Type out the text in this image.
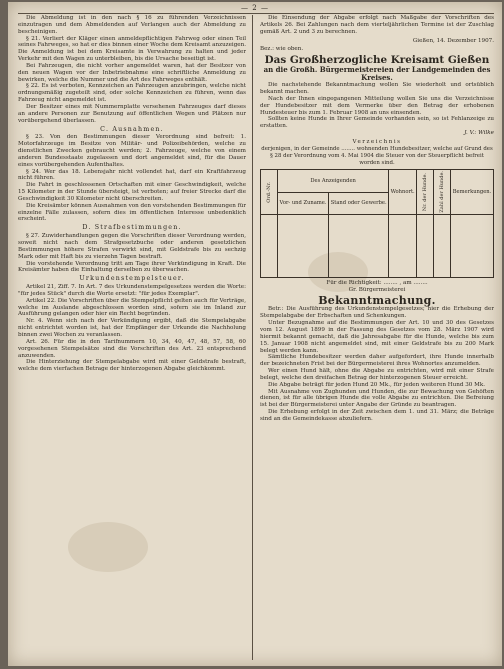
— 2 —

Die Abmeldung ist in den nach § 16 zu führenden Verzeichnissen einzutragen und dem Abmeldenden auf Verlangen auch der Abmeldung zu bescheinigen.

§ 21. Verliert der Kläger einen anmeldepflichtigen Fahrweg oder einen Teil seines Fahrweges, so hat er dies binnen einer Woche dem Kreisamt anzuzeigen. Die Anmeldung ist bei dem Kreisamte in Verwahrung zu halten und jeder Verkehr mit den Wagen zu unterbleiben, bis die Ursache beseitigt ist.

Bei Fahrzeugen, die nicht vorher angemeldet waren, hat der Besitzer von den neuen Wagen vor der Inbetriebnahme eine schriftliche Anmeldung zu bewirken, welche die Nummer und die Art des Fahrweges enthält.

§ 22. Es ist verboten, Kennzeichen an Fahrzeugen anzubringen, welche nicht ordnungsmäßig zugeteilt sind, oder solche Kennzeichen zu führen, wenn das Fahrzeug nicht angemeldet ist.

Der Besitzer eines mit Nummernplatte versehenen Fahrzeuges darf dieses an andere Personen zur Benutzung auf öffentlichen Wegen und Plätzen nur vorübergehend überlassen.

C. Ausnahmen.

§ 23. Von den Bestimmungen dieser Verordnung sind befreit: 1. Motorfahrzeuge im Besitze von Militär- und Polizeibehörden, welche zu dienstlichen Zwecken gebraucht werden; 2. Fahrzeuge, welche von einem anderen Bundesstaate zugelassen und dort angemeldet sind, für die Dauer eines vorübergehenden Aufenthaltes.

§ 24. Wer das 18. Lebensjahr nicht vollendet hat, darf ein Kraftfahrzeug nicht führen.

Die Fahrt in geschlossenen Ortschaften mit einer Geschwindigkeit, welche 15 Kilometer in der Stunde übersteigt, ist verboten; auf freier Strecke darf die Geschwindigkeit 30 Kilometer nicht überschreiten.

Die Kreisämter können Ausnahmen von den vorstehenden Bestimmungen für einzelne Fälle zulassen, sofern dies im öffentlichen Interesse unbedenklich erscheint.

D. Strafbestimmungen.

§ 27. Zuwiderhandlungen gegen die Vorschriften dieser Verordnung werden, soweit nicht nach dem Strafgesetzbuche oder anderen gesetzlichen Bestimmungen höhere Strafen verwirkt sind, mit Geldstrafe bis zu sechzig Mark oder mit Haft bis zu vierzehn Tagen bestraft.

Die vorstehende Verordnung tritt am Tage ihrer Verkündigung in Kraft. Die Kreisämter haben die Einhaltung derselben zu überwachen.

Urkundenstempelsteuer.

Artikel 21, Ziff. 7. In Art. 7 des Urkundenstempelgesetzes werden die Worte: "für jedes Stück" durch die Worte ersetzt: "für jedes Exemplar".

Artikel 22. Die Vorschriften über die Stempelpflicht gelten auch für Verträge, welche im Auslande abgeschlossen worden sind, sofern sie im Inland zur Ausführung gelangen oder hier ein Recht begründen.

Nr. 4. Wenn sich nach der Verkündigung ergibt, daß die Stempelabgabe nicht entrichtet worden ist, hat der Empfänger der Urkunde die Nachholung binnen zwei Wochen zu veranlassen.

Art. 26. Für die in den Tarifnummern 10, 34, 40, 47, 48, 57, 58, 60 vorgesehenen Stempelsätze sind die Vorschriften des Art. 23 entsprechend anzuwenden.

Die Hinterziehung der Stempelabgabe wird mit einer Geldstrafe bestraft, welche dem vierfachen Betrage der hinterzogenen Abgabe gleichkommt.

Die Einsendung der Abgabe erfolgt nach Maßgabe der Vorschriften des Artikels 26. Bei Zahlungen nach dem vierteljährlichen Termine ist der Zuschlag gemäß Art. 2 und 3 zu berechnen.

Gießen, 14. Dezember 1907.

Bez.: wie oben.

Das Großherzogliche Kreisamt Gießen
an die Großh. Bürgermeistereien der Landgemeinden des Kreises.

Die nachstehende Bekanntmachung wollen Sie wiederholt und ortsüblich bekannt machen.

Nach der Ihnen eingegangenen Mitteilung wollen Sie uns die Verzeichnisse der Hundebesitzer mit dem Vermerke über den Betrag der erhobenen Hundesteuer bis zum 1. Februar 1908 an uns einsenden.

Sollten keine Hunde in Ihrer Gemeinde vorhanden sein, so ist Fehlanzeige zu erstatten.

J. V.: Wilke
Verzeichnis

derjenigen, in der Gemeinde ........ wohnenden Hundebesitzer, welche auf Grund des § 28 der Verordnung vom 4. Mai 1904 die Steuer von der Steuerpflicht befreit worden sind.

Ord.-Nr.	Des Anzeigenden		Wohnort.	Nr. der Hunde.	Zahl der Hunde.	Bemerkungen.
	Vor- und Zuname.	Stand oder Gewerbe.				

Für die Richtigkeit: ........ , am ........

Gr. Bürgermeisterei

Bekanntmachung.

Betr.: Die Ausführung des Urkundenstempelgesetzes; hier die Erhebung der Stempelabgabe der Erbschaften und Schenkungen.

Unter Bezugnahme auf die Bestimmungen der Art. 10 und 30 des Gesetzes vom 12. August 1899 in der Fassung des Gesetzes vom 28. März 1907 wird hiermit bekannt gemacht, daß die Jahresabgabe für die Hunde, welche bis zum 15. Januar 1908 nicht angemeldet sind, mit einer Geldstrafe bis zu 200 Mark belegt werden kann.

Sämtliche Hundebesitzer werden daher aufgefordert, ihre Hunde innerhalb der bezeichneten Frist bei der Bürgermeisterei ihres Wohnortes anzumelden.

Wer einen Hund hält, ohne die Abgabe zu entrichten, wird mit einer Strafe belegt, welche den dreifachen Betrag der hinterzogenen Steuer erreicht.

Die Abgabe beträgt für jeden Hund 20 Mk., für jeden weiteren Hund 30 Mk.

Mit Ausnahme von Zughunden und Hunden, die zur Bewachung von Gehöften dienen, ist für alle übrigen Hunde die volle Abgabe zu entrichten. Die Befreiung ist bei der Bürgermeisterei unter Angabe der Gründe zu beantragen.

Die Erhebung erfolgt in der Zeit zwischen dem 1. und 31. März; die Beträge sind an die Gemeindekasse abzuliefern.
